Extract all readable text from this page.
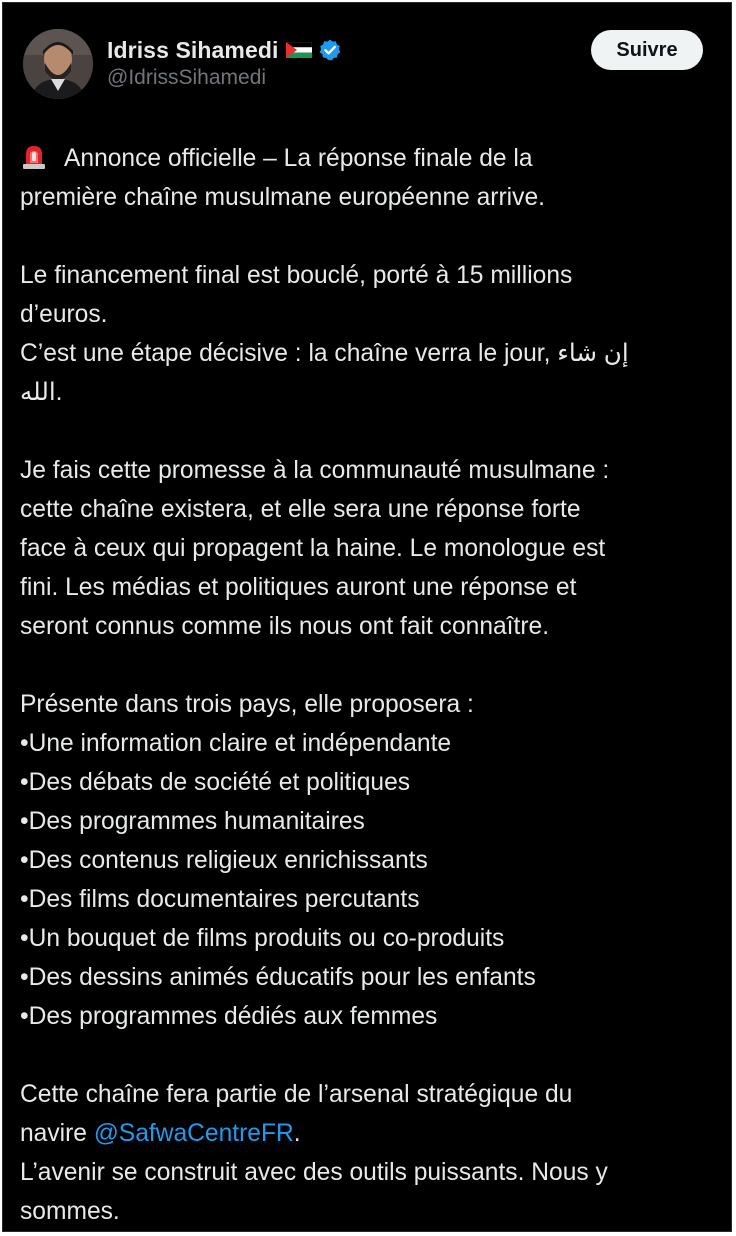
Idriss Sihamedi
@IdrissSihamedi
Suivre
Annonce officielle – La réponse finale de la
première chaîne musulmane européenne arrive.
Le financement final est bouclé, porté à 15 millions
d’euros.
C’est une étape décisive : la chaîne verra le jour, إن شاء
الله.
Je fais cette promesse à la communauté musulmane :
cette chaîne existera, et elle sera une réponse forte
face à ceux qui propagent la haine. Le monologue est
fini. Les médias et politiques auront une réponse et
seront connus comme ils nous ont fait connaître.
Présente dans trois pays, elle proposera :
•Une information claire et indépendante
•Des débats de société et politiques
•Des programmes humanitaires
•Des contenus religieux enrichissants
•Des films documentaires percutants
•Un bouquet de films produits ou co-produits
•Des dessins animés éducatifs pour les enfants
•Des programmes dédiés aux femmes
Cette chaîne fera partie de l’arsenal stratégique du
navire @SafwaCentreFR.
L’avenir se construit avec des outils puissants. Nous y
sommes.
